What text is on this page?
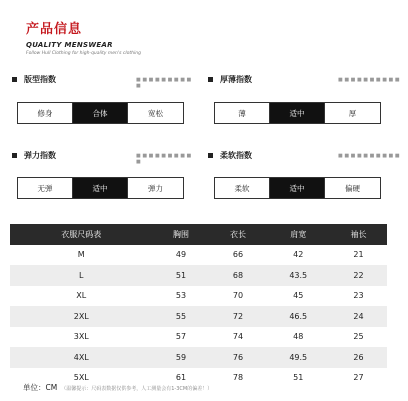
产品信息
QUALITY MENSWEAR
Follow Hull Clothing for high-quality men's clothing
版型指数	■ ■ ■ ■ ■ ■ ■ ■ ■ ■
修身	合体	宽松
厚薄指数	■ ■ ■ ■ ■ ■ ■ ■ ■ ■
薄	适中	厚
弹力指数	■ ■ ■ ■ ■ ■ ■ ■ ■ ■
无弹	适中	弹力
柔软指数	■ ■ ■ ■ ■ ■ ■ ■ ■ ■
柔软	适中	偏硬
衣服尺码表	胸围	衣长	肩宽	袖长
M	49	66	42	21
L	51	68	43.5	22
XL	53	70	45	23
2XL	55	72	46.5	24
3XL	57	74	48	25
4XL	59	76	49.5	26
5XL	61	78	51	27
单位：CM （温馨提示：尺码表数据仅供参考，人工测量会有1-3CM的偏差！）
